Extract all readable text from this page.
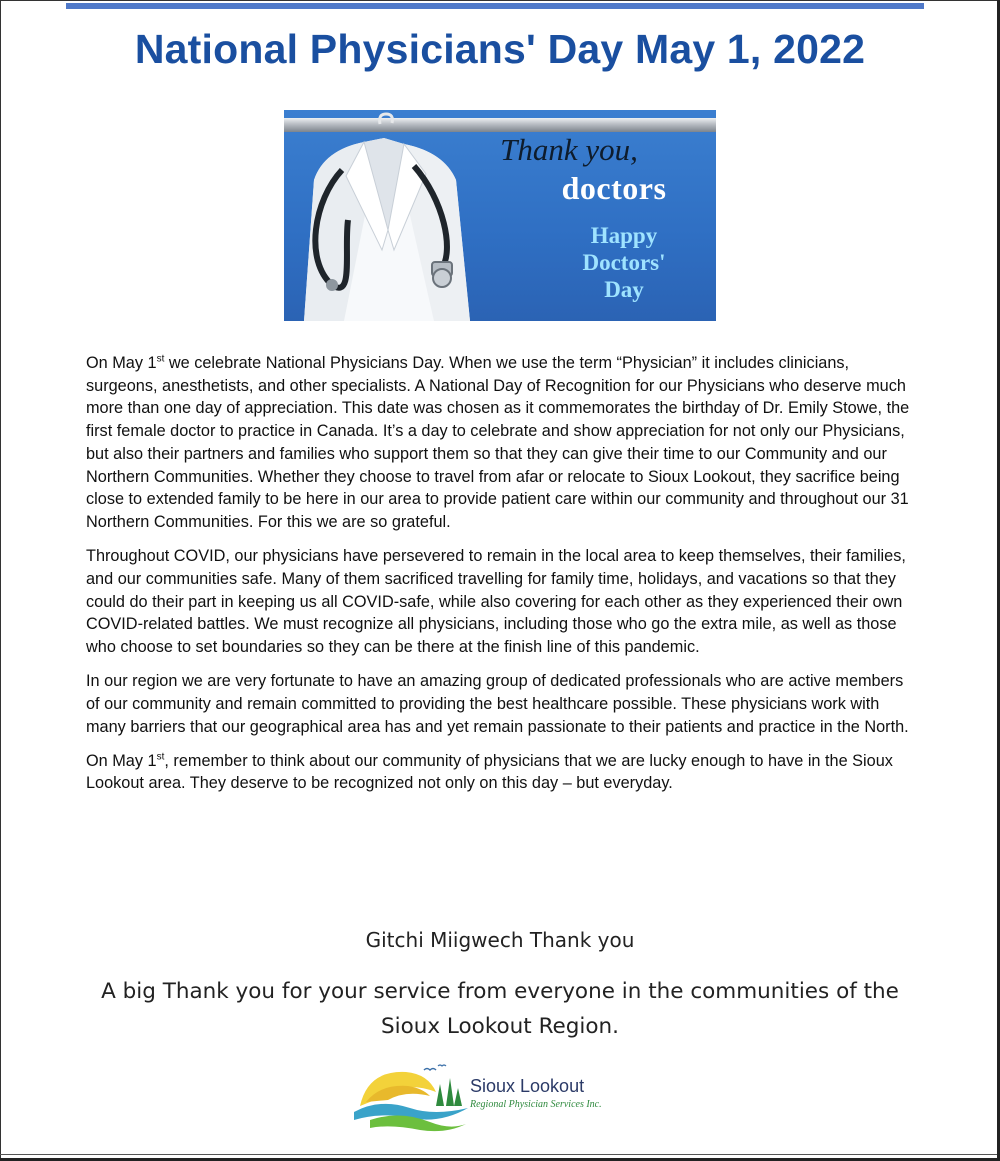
National Physicians' Day May 1, 2022
Thank you,
doctors
Happy
Doctors'
Day

On May 1st we celebrate National Physicians Day. When we use the term “Physician” it includes clinicians, surgeons, anesthetists, and other specialists. A National Day of Recognition for our Physicians who deserve much more than one day of appreciation. This date was chosen as it commemorates the birthday of Dr. Emily Stowe, the first female doctor to practice in Canada. It’s a day to celebrate and show appreciation for not only our Physicians, but also their partners and families who support them so that they can give their time to our Community and our Northern Communities. Whether they choose to travel from afar or relocate to Sioux Lookout, they sacrifice being close to extended family to be here in our area to provide patient care within our community and throughout our 31 Northern Communities. For this we are so grateful.

Throughout COVID, our physicians have persevered to remain in the local area to keep themselves, their families, and our communities safe. Many of them sacrificed travelling for family time, holidays, and vacations so that they could do their part in keeping us all COVID-safe, while also covering for each other as they experienced their own COVID-related battles. We must recognize all physicians, including those who go the extra mile, as well as those who choose to set boundaries so they can be there at the finish line of this pandemic.

In our region we are very fortunate to have an amazing group of dedicated professionals who are active members of our community and remain committed to providing the best healthcare possible. These physicians work with many barriers that our geographical area has and yet remain passionate to their patients and practice in the North.

On May 1st, remember to think about our community of physicians that we are lucky enough to have in the Sioux Lookout area. They deserve to be recognized not only on this day – but everyday.

Gitchi Miigwech Thank you
A big Thank you for your service from everyone in the communities of the Sioux Lookout Region.
Sioux Lookout
Regional Physician Services Inc.
